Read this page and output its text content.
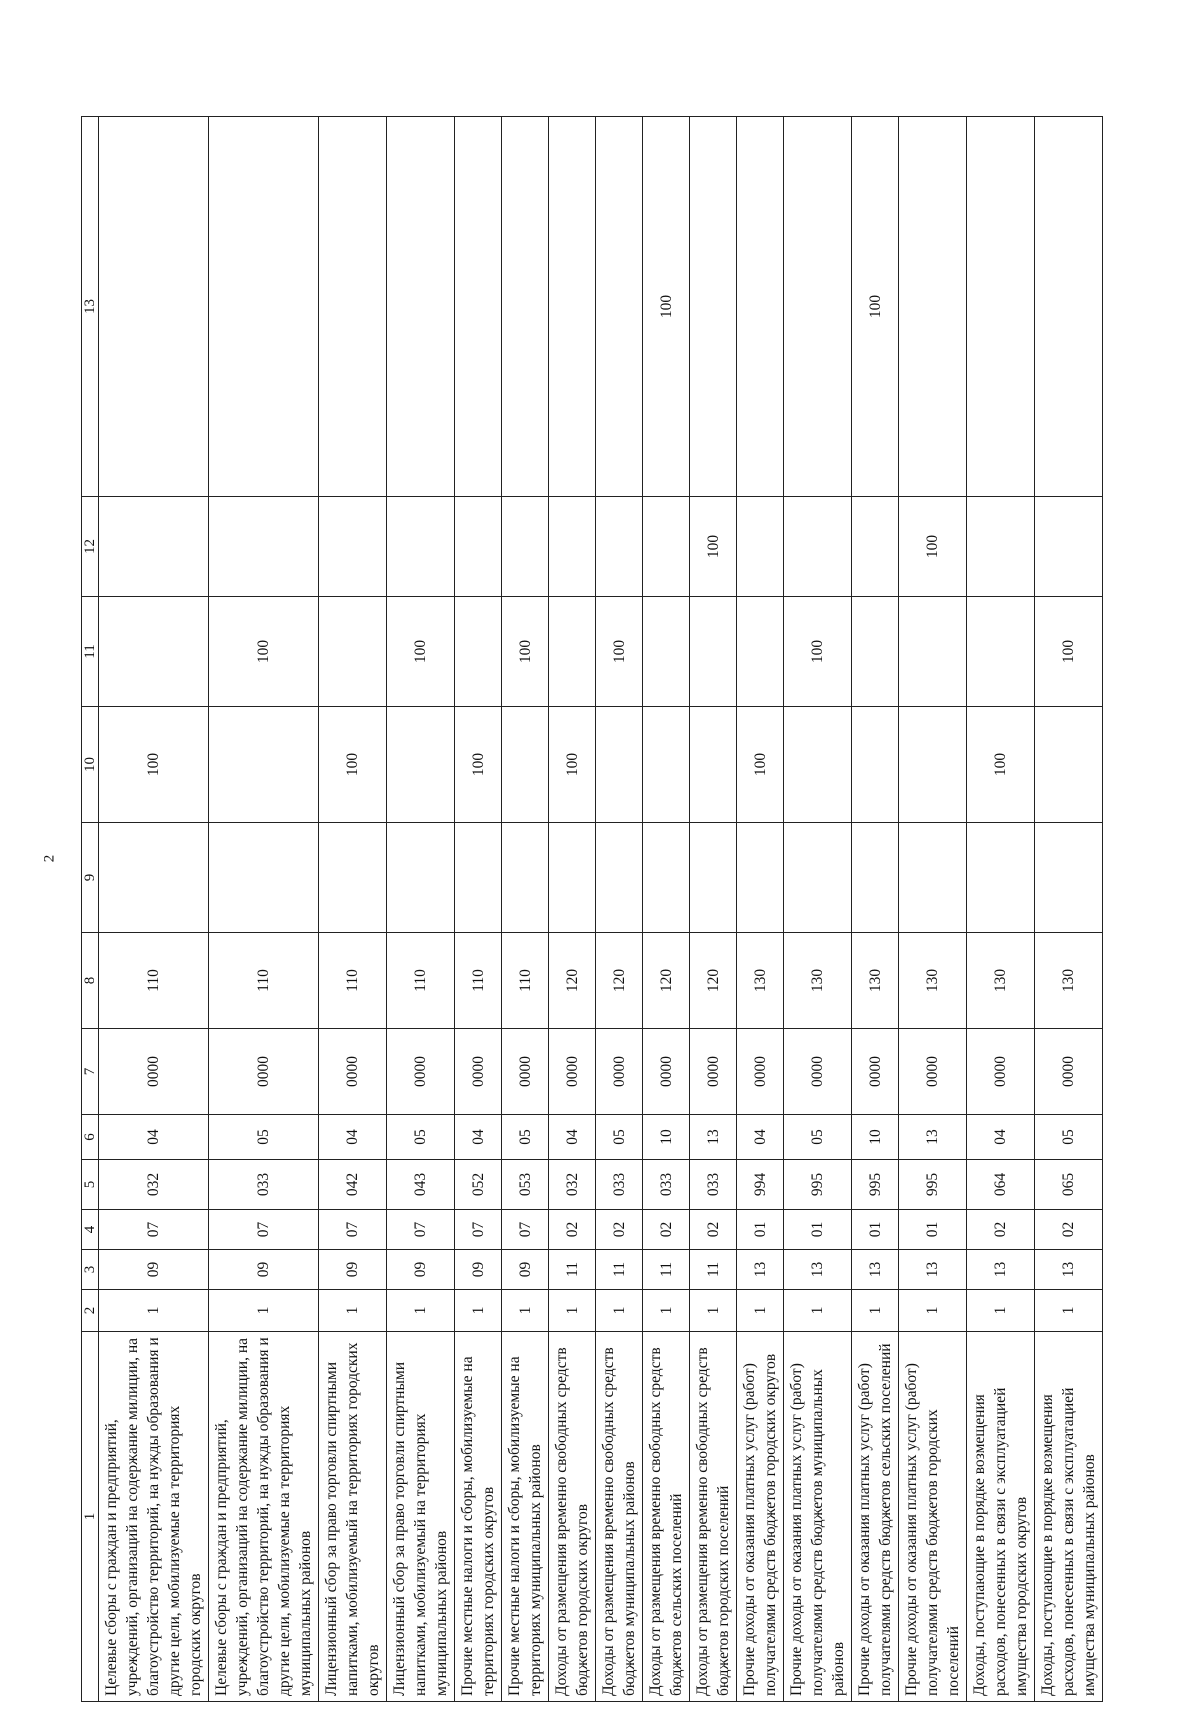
2
1	2	3	4	5	6	7	8	9	10	11	12	13
Целевые сборы с граждан и предприятий, учреждений, организаций на содержание милиции, на благоустройство территорий, на нужды образования и другие цели, мобилизуемые на территориях городских округов	1	09	07	032	04	0000	110		100			
Целевые сборы с граждан и предприятий, учреждений, организаций на содержание милиции, на благоустройство территорий, на нужды образования и другие цели, мобилизуемые на территориях муниципальных районов	1	09	07	033	05	0000	110			100		
Лицензионный сбор за право торговли спиртными напитками, мобилизуемый на территориях городских округов	1	09	07	042	04	0000	110		100			
Лицензионный сбор за право торговли спиртными напитками, мобилизуемый на территориях муниципальных районов	1	09	07	043	05	0000	110			100		
Прочие местные налоги и сборы, мобилизуемые на территориях городских округов	1	09	07	052	04	0000	110		100			
Прочие местные налоги и сборы, мобилизуемые на территориях муниципальных районов	1	09	07	053	05	0000	110			100		
Доходы от размещения временно свободных средств бюджетов городских округов	1	11	02	032	04	0000	120		100			
Доходы от размещения временно свободных средств бюджетов муниципальных районов	1	11	02	033	05	0000	120			100		
Доходы от размещения временно свободных средств бюджетов сельских поселений	1	11	02	033	10	0000	120					100
Доходы от размещения временно свободных средств бюджетов городских поселений	1	11	02	033	13	0000	120				100	
Прочие доходы от оказания платных услуг (работ) получателями средств бюджетов городских округов	1	13	01	994	04	0000	130		100			
Прочие доходы от оказания платных услуг (работ) получателями средств бюджетов муниципальных районов	1	13	01	995	05	0000	130			100		
Прочие доходы от оказания платных услуг (работ) получателями средств бюджетов сельских поселений	1	13	01	995	10	0000	130					100
Прочие доходы от оказания платных услуг (работ) получателями средств бюджетов городских поселений	1	13	01	995	13	0000	130				100	
Доходы, поступающие в порядке возмещения расходов, понесенных в связи с эксплуатацией имущества городских округов	1	13	02	064	04	0000	130		100			
Доходы, поступающие в порядке возмещения расходов, понесенных в связи с эксплуатацией имущества муниципальных районов	1	13	02	065	05	0000	130			100		
